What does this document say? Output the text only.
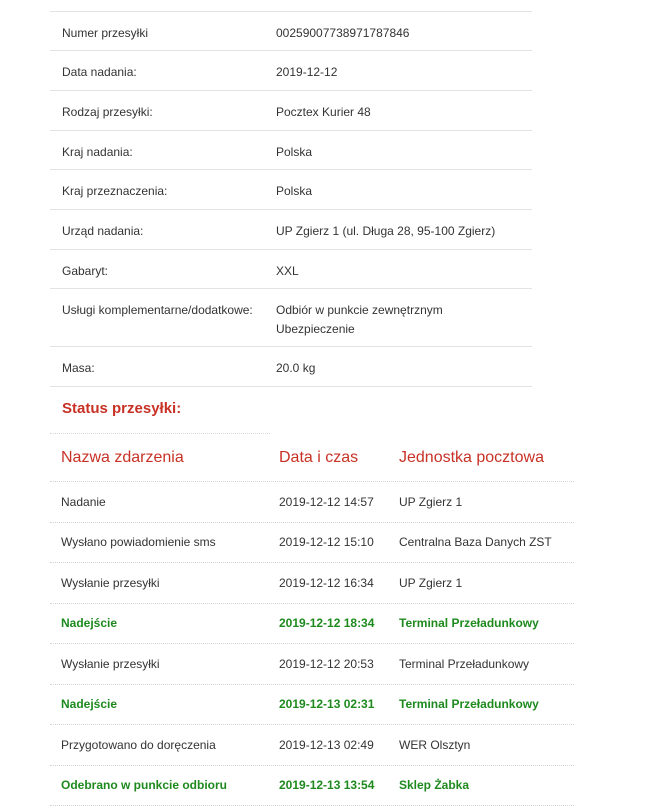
Numer przesyłki	00259007738971787846
Data nadania:	2019-12-12
Rodzaj przesyłki:	Pocztex Kurier 48
Kraj nadania:	Polska
Kraj przeznaczenia:	Polska
Urząd nadania:	UP Zgierz 1 (ul. Długa 28, 95-100 Zgierz)
Gabaryt:	XXL
Usługi komplementarne/dodatkowe:	Odbiór w punkcie zewnętrznym
Ubezpieczenie
Masa:	20.0 kg
Status przesyłki:
Nazwa zdarzenia	Data i czas	Jednostka pocztowa
Nadanie	2019-12-12 14:57	UP Zgierz 1
Wysłano powiadomienie sms	2019-12-12 15:10	Centralna Baza Danych ZST
Wysłanie przesyłki	2019-12-12 16:34	UP Zgierz 1
Nadejście	2019-12-12 18:34	Terminal Przeładunkowy
Wysłanie przesyłki	2019-12-12 20:53	Terminal Przeładunkowy
Nadejście	2019-12-13 02:31	Terminal Przeładunkowy
Przygotowano do doręczenia	2019-12-13 02:49	WER Olsztyn
Odebrano w punkcie odbioru	2019-12-13 13:54	Sklep Żabka
